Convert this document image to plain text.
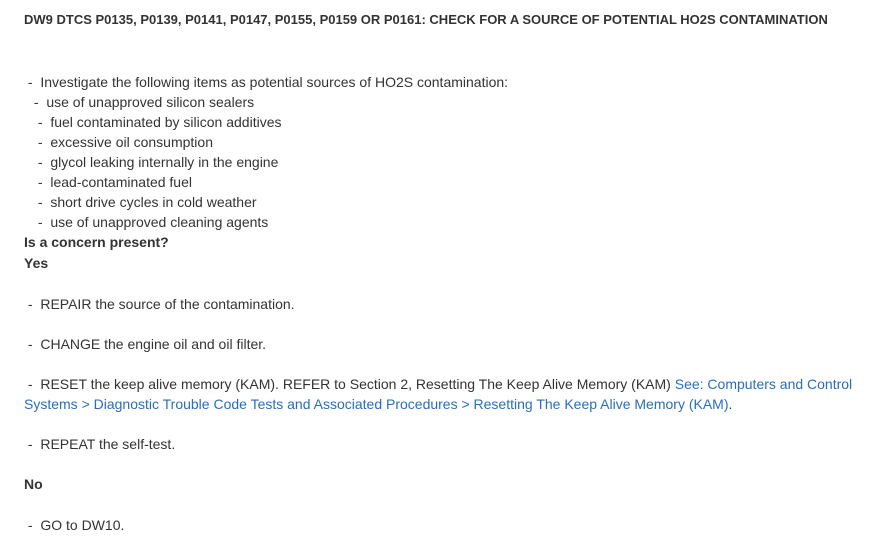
DW9 DTCS P0135, P0139, P0141, P0147, P0155, P0159 OR P0161: CHECK FOR A SOURCE OF POTENTIAL HO2S CONTAMINATION
-  Investigate the following items as potential sources of HO2S contamination:
-  use of unapproved silicon sealers
-  fuel contaminated by silicon additives
-  excessive oil consumption
-  glycol leaking internally in the engine
-  lead-contaminated fuel
-  short drive cycles in cold weather
-  use of unapproved cleaning agents
Is a concern present?
Yes
-  REPAIR the source of the contamination.
-  CHANGE the engine oil and oil filter.
-  RESET the keep alive memory (KAM). REFER to Section 2, Resetting The Keep Alive Memory (KAM) See: Computers and Control Systems > Diagnostic Trouble Code Tests and Associated Procedures > Resetting The Keep Alive Memory (KAM).
-  REPEAT the self-test.
No
-  GO to DW10.
